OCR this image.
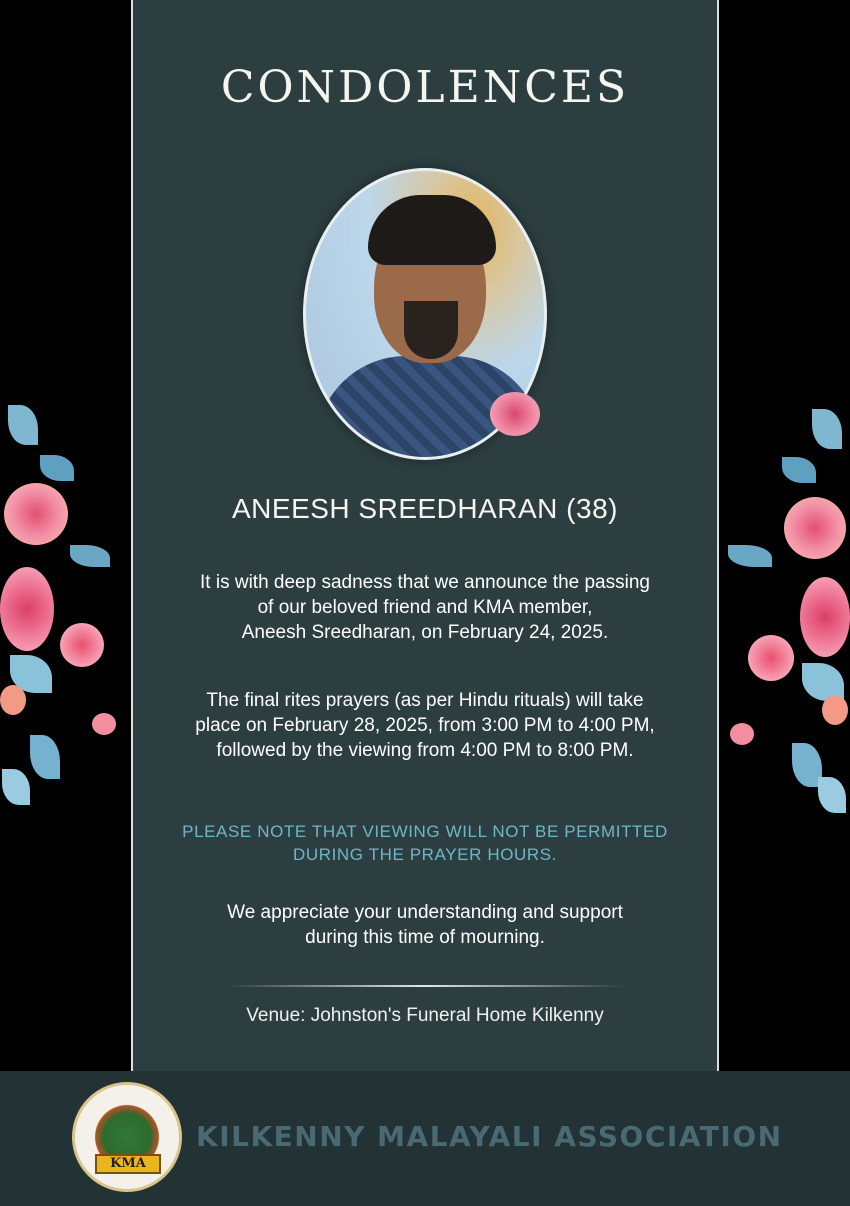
CONDOLENCES
ANEESH SREEDHARAN (38)
It is with deep sadness that we announce the passing
of our beloved friend and KMA member,
Aneesh Sreedharan, on February 24, 2025.
The final rites prayers (as per Hindu rituals) will take
place on February 28, 2025, from 3:00 PM to 4:00 PM,
followed by the viewing from 4:00 PM to 8:00 PM.
PLEASE NOTE THAT VIEWING WILL NOT BE PERMITTED
DURING THE PRAYER HOURS.
We appreciate your understanding and support
during this time of mourning.
Venue: Johnston's Funeral Home Kilkenny
KMA
KILKENNY MALAYALI ASSOCIATION
